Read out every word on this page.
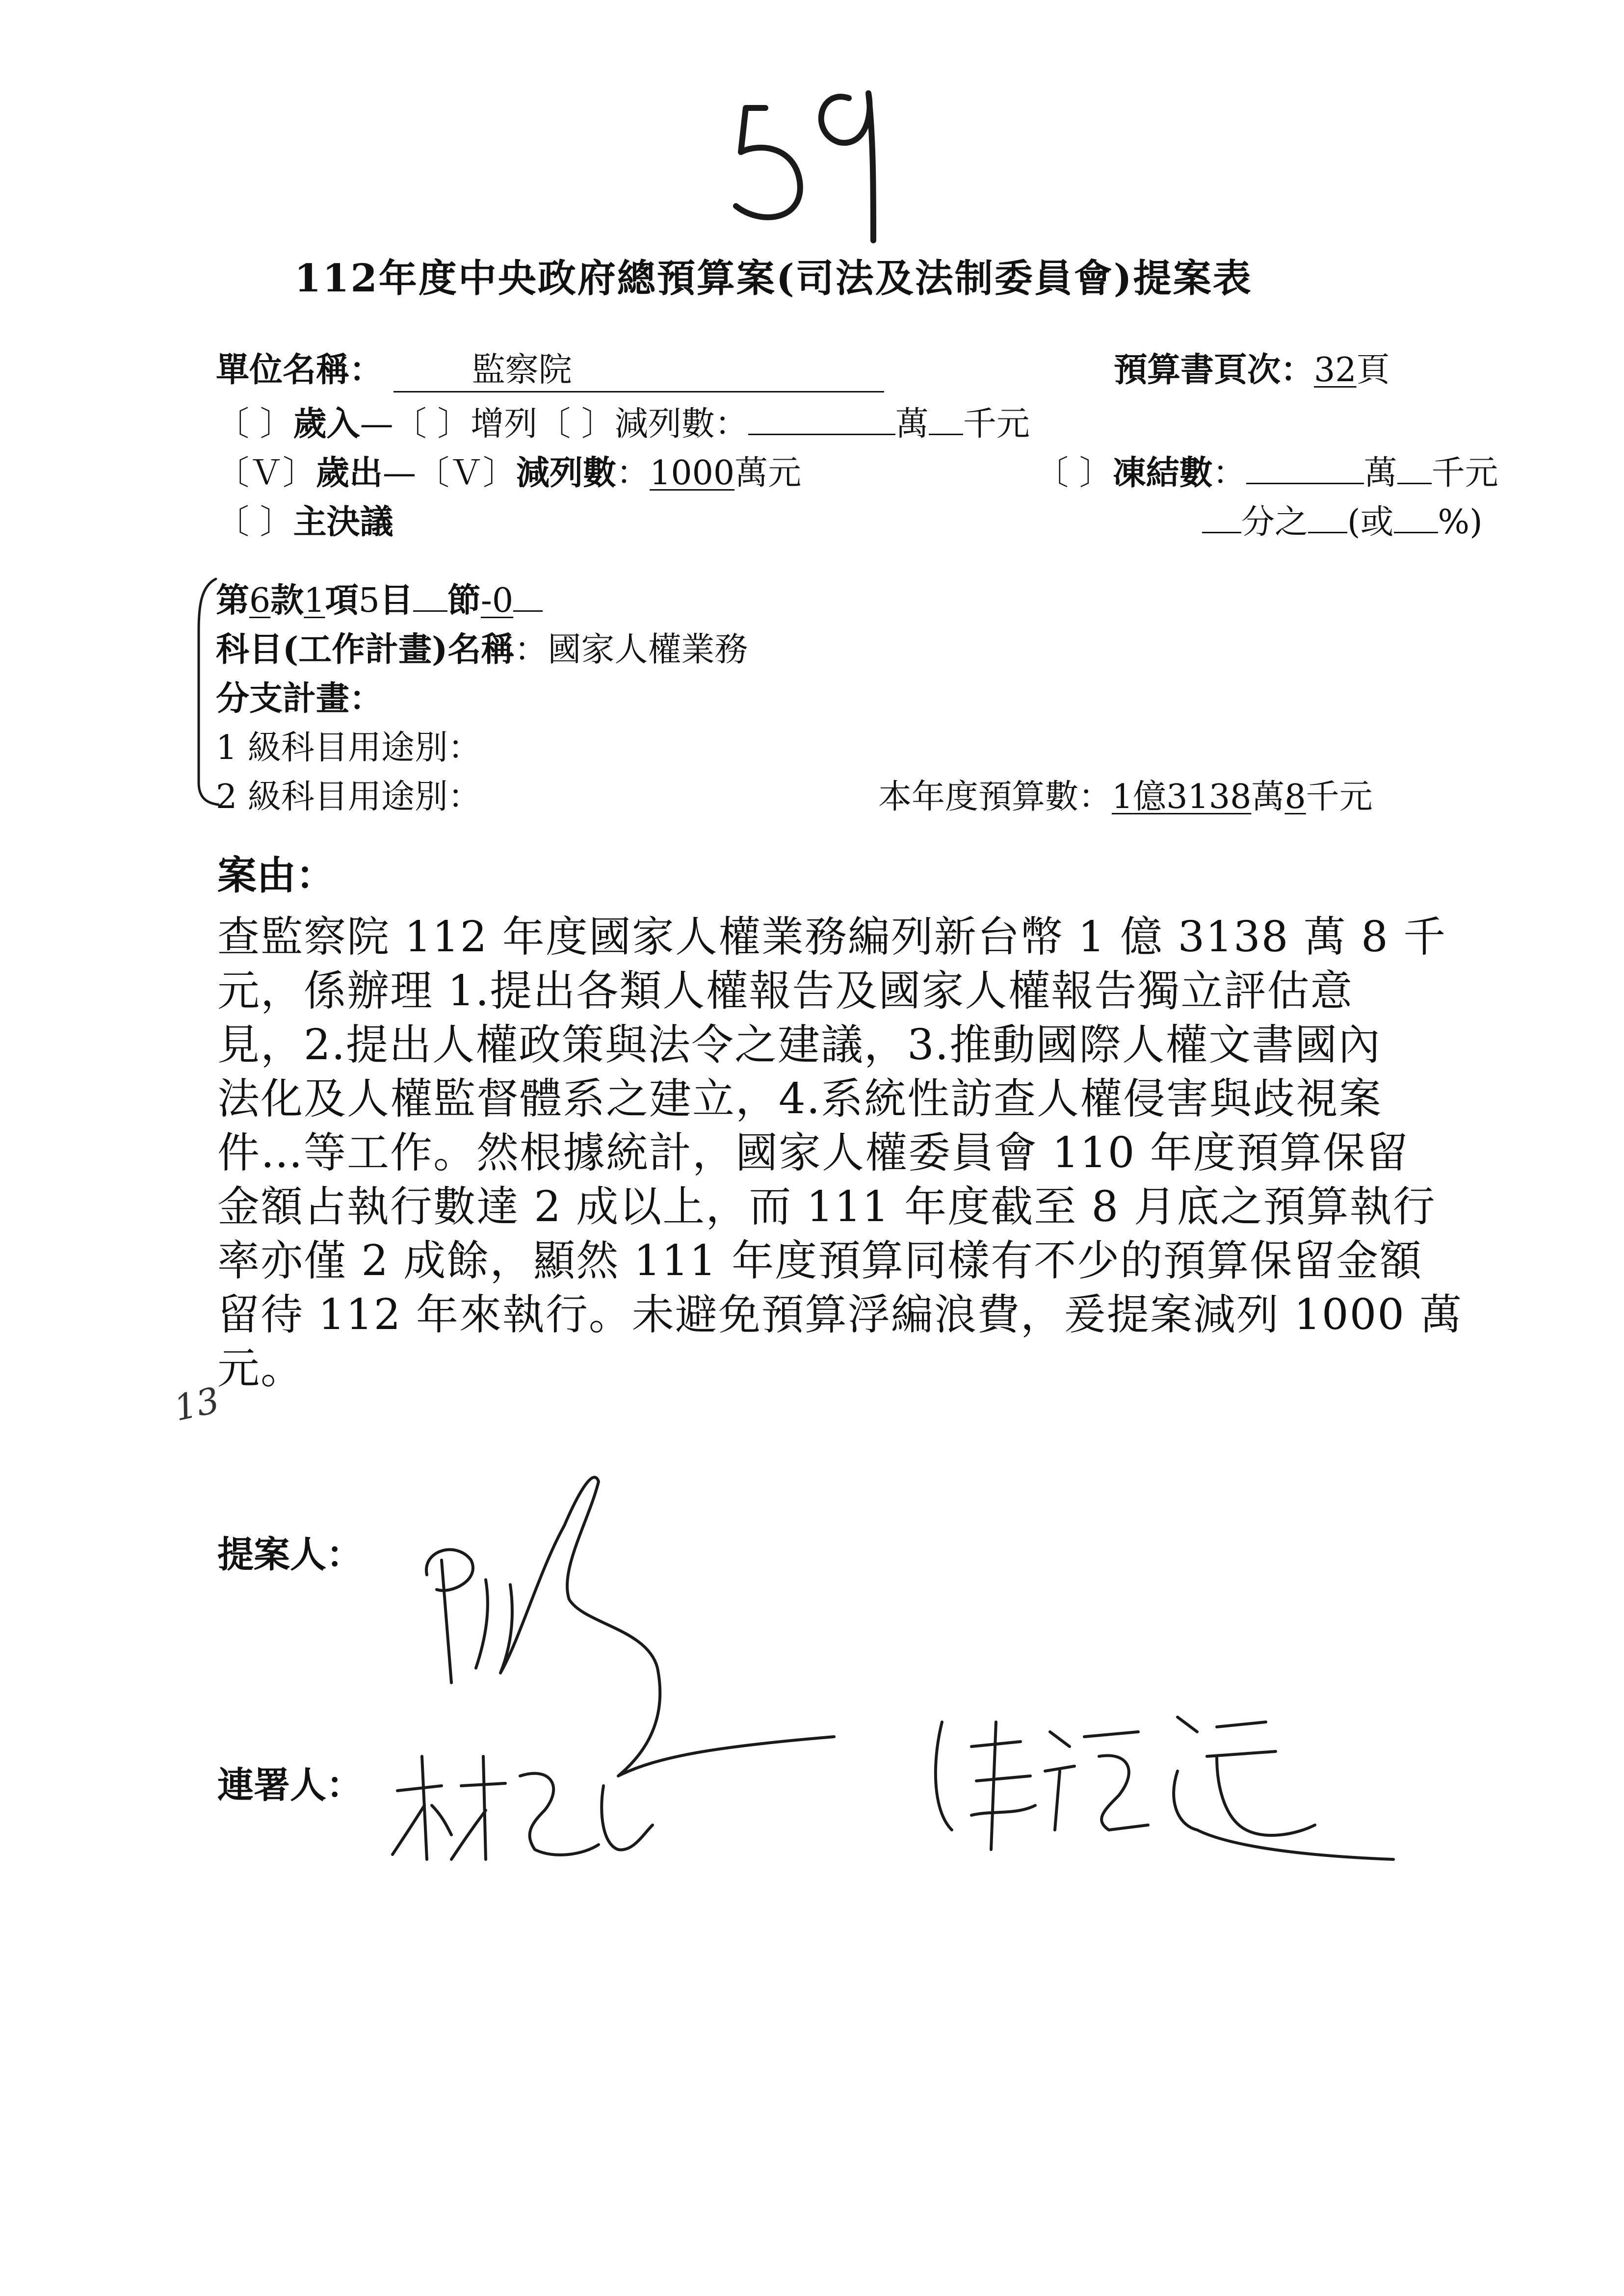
112年度中央政府總預算案(司法及法制委員會)提案表
單位名稱：	監察院	預算書頁次：32頁
〔 〕歲入—〔 〕增列〔 〕減列數：	萬 千元
〔Ｖ〕歲出—〔Ｖ〕減列數：1000萬元	〔 〕凍結數：	萬 千元
〔 〕主決議	分之 (或 %)
第6款1項5目 節-0
科目(工作計畫)名稱：國家人權業務
分支計畫：
1 級科目用途別：
2 級科目用途別：	本年度預算數：1億3138萬8千元
案由：
查監察院 112 年度國家人權業務編列新台幣 1 億 3138 萬 8 千
元，係辦理 1.提出各類人權報告及國家人權報告獨立評估意
見，2.提出人權政策與法令之建議，3.推動國際人權文書國內
法化及人權監督體系之建立，4.系統性訪查人權侵害與歧視案
件…等工作。然根據統計，國家人權委員會 110 年度預算保留
金額占執行數達 2 成以上，而 111 年度截至 8 月底之預算執行
率亦僅 2 成餘，顯然 111 年度預算同樣有不少的預算保留金額
留待 112 年來執行。未避免預算浮編浪費，爰提案減列 1000 萬
元。
13
提案人：
連署人：
